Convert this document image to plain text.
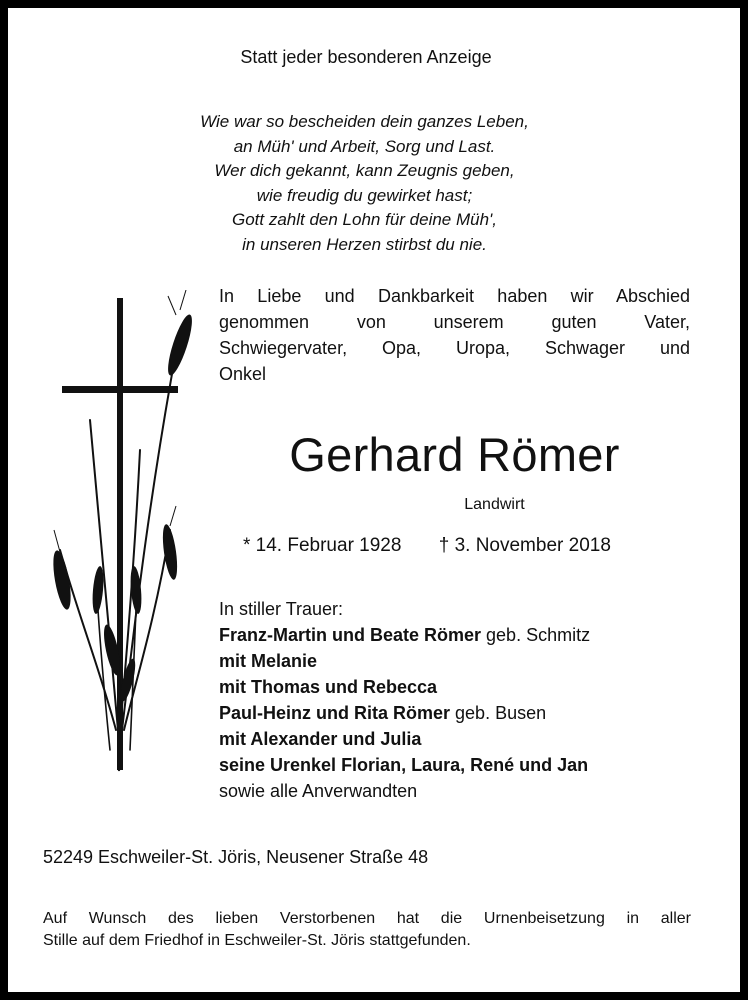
Statt jeder besonderen Anzeige
Wie war so bescheiden dein ganzes Leben,
an Müh' und Arbeit, Sorg und Last.
Wer dich gekannt, kann Zeugnis geben,
wie freudig du gewirket hast;
Gott zahlt den Lohn für deine Müh',
in unseren Herzen stirbst du nie.
In Liebe und Dankbarkeit haben wir Abschied
genommen von unserem guten Vater,
Schwiegervater, Opa, Uropa, Schwager und
Onkel
Gerhard Römer
Landwirt
* 14. Februar 1928 † 3. November 2018
In stiller Trauer:
Franz-Martin und Beate Römer geb. Schmitz
mit Melanie
mit Thomas und Rebecca
Paul-Heinz und Rita Römer geb. Busen
mit Alexander und Julia
seine Urenkel Florian, Laura, René und Jan
sowie alle Anverwandten
52249 Eschweiler-St. Jöris, Neusener Straße 48
Auf Wunsch des lieben Verstorbenen hat die Urnenbeisetzung in aller
Stille auf dem Friedhof in Eschweiler-St. Jöris stattgefunden.
